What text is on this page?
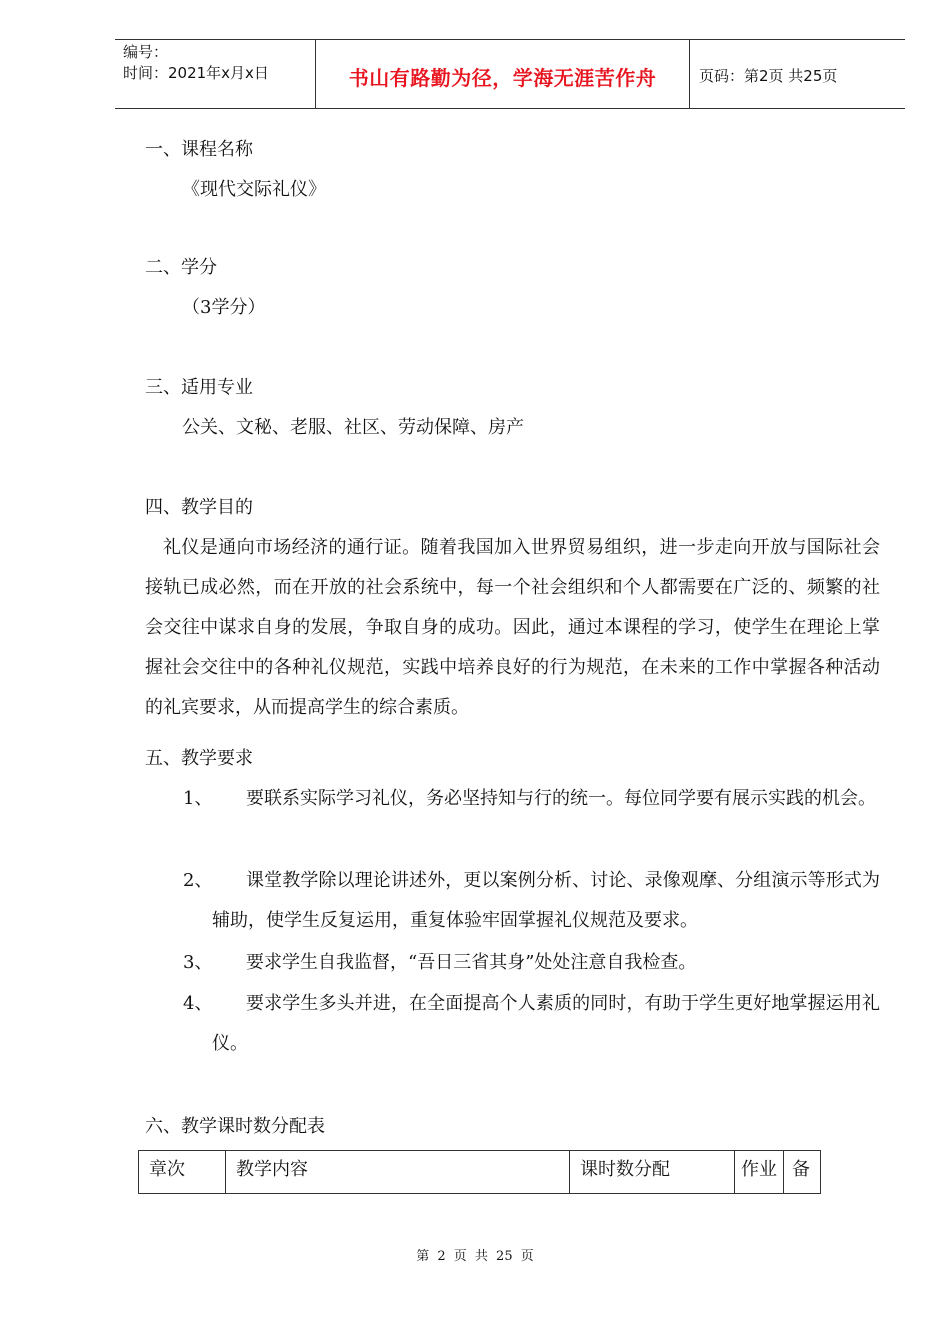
编号：
时间：2021年x月x日	书山有路勤为径，学海无涯苦作舟	页码：第2页 共25页
一、课程名称
《现代交际礼仪》
二、学分
（3学分）
三、适用专业
公关、文秘、老服、社区、劳动保障、房产
四、教学目的
礼仪是通向市场经济的通行证。随着我国加入世界贸易组织，进一步走向开放与国际社会接轨已成必然，而在开放的社会系统中，每一个社会组织和个人都需要在广泛的、频繁的社会交往中谋求自身的发展，争取自身的成功。因此，通过本课程的学习，使学生在理论上掌握社会交往中的各种礼仪规范，实践中培养良好的行为规范，在未来的工作中掌握各种活动的礼宾要求，从而提高学生的综合素质。
五、教学要求
1、	要联系实际学习礼仪，务必坚持知与行的统一。每位同学要有展示实践的机会。
2、	课堂教学除以理论讲述外，更以案例分析、讨论、录像观摩、分组演示等形式为辅助，使学生反复运用，重复体验牢固掌握礼仪规范及要求。
3、	要求学生自我监督，“吾日三省其身”处处注意自我检查。
4、	要求学生多头并进，在全面提高个人素质的同时，有助于学生更好地掌握运用礼仪。
六、教学课时数分配表
章次	教学内容	课时数分配	作业	备
第 2 页 共 25 页
